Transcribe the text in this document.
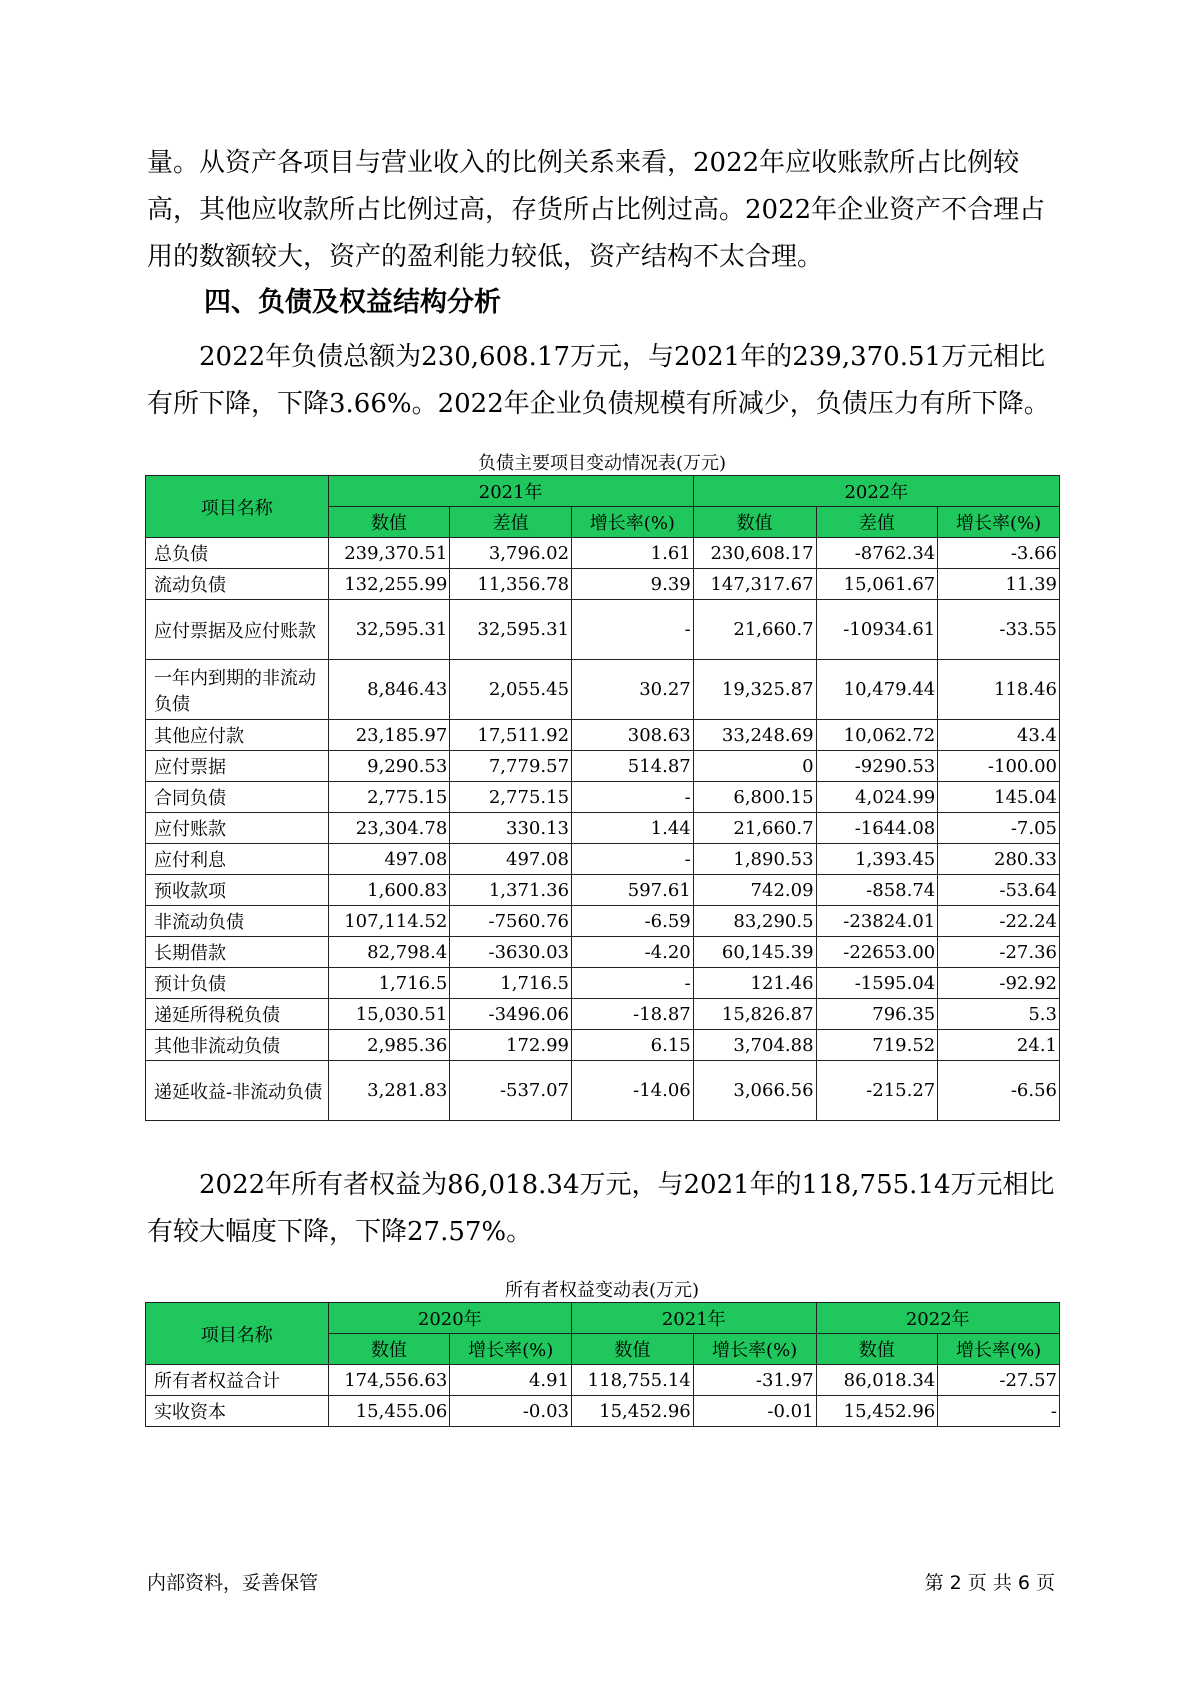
量。从资产各项目与营业收入的比例关系来看，2022年应收账款所占比例较高，其他应收款所占比例过高，存货所占比例过高。2022年企业资产不合理占用的数额较大，资产的盈利能力较低，资产结构不太合理。

四、负债及权益结构分析

2022年负债总额为230,608.17万元，与2021年的239,370.51万元相比有所下降，下降3.66%。2022年企业负债规模有所减少，负债压力有所下降。

负债主要项目变动情况表(万元)
项目名称	2021年			2022年		
	数值	差值	增长率(%)	数值	差值	增长率(%)
总负债	239,370.51	3,796.02	1.61	230,608.17	-8762.34	-3.66
流动负债	132,255.99	11,356.78	9.39	147,317.67	15,061.67	11.39
应付票据及应付账款	32,595.31	32,595.31	-	21,660.7	-10934.61	-33.55
一年内到期的非流动负债	8,846.43	2,055.45	30.27	19,325.87	10,479.44	118.46
其他应付款	23,185.97	17,511.92	308.63	33,248.69	10,062.72	43.4
应付票据	9,290.53	7,779.57	514.87	0	-9290.53	-100.00
合同负债	2,775.15	2,775.15	-	6,800.15	4,024.99	145.04
应付账款	23,304.78	330.13	1.44	21,660.7	-1644.08	-7.05
应付利息	497.08	497.08	-	1,890.53	1,393.45	280.33
预收款项	1,600.83	1,371.36	597.61	742.09	-858.74	-53.64
非流动负债	107,114.52	-7560.76	-6.59	83,290.5	-23824.01	-22.24
长期借款	82,798.4	-3630.03	-4.20	60,145.39	-22653.00	-27.36
预计负债	1,716.5	1,716.5	-	121.46	-1595.04	-92.92
递延所得税负债	15,030.51	-3496.06	-18.87	15,826.87	796.35	5.3
其他非流动负债	2,985.36	172.99	6.15	3,704.88	719.52	24.1
递延收益-非流动负债	3,281.83	-537.07	-14.06	3,066.56	-215.27	-6.56

2022年所有者权益为86,018.34万元，与2021年的118,755.14万元相比有较大幅度下降，下降27.57%。

所有者权益变动表(万元)
项目名称	2020年		2021年		2022年	
	数值	增长率(%)	数值	增长率(%)	数值	增长率(%)
所有者权益合计	174,556.63	4.91	118,755.14	-31.97	86,018.34	-27.57
实收资本	15,455.06	-0.03	15,452.96	-0.01	15,452.96	-
内部资料，妥善保管	第 2 页 共 6 页
